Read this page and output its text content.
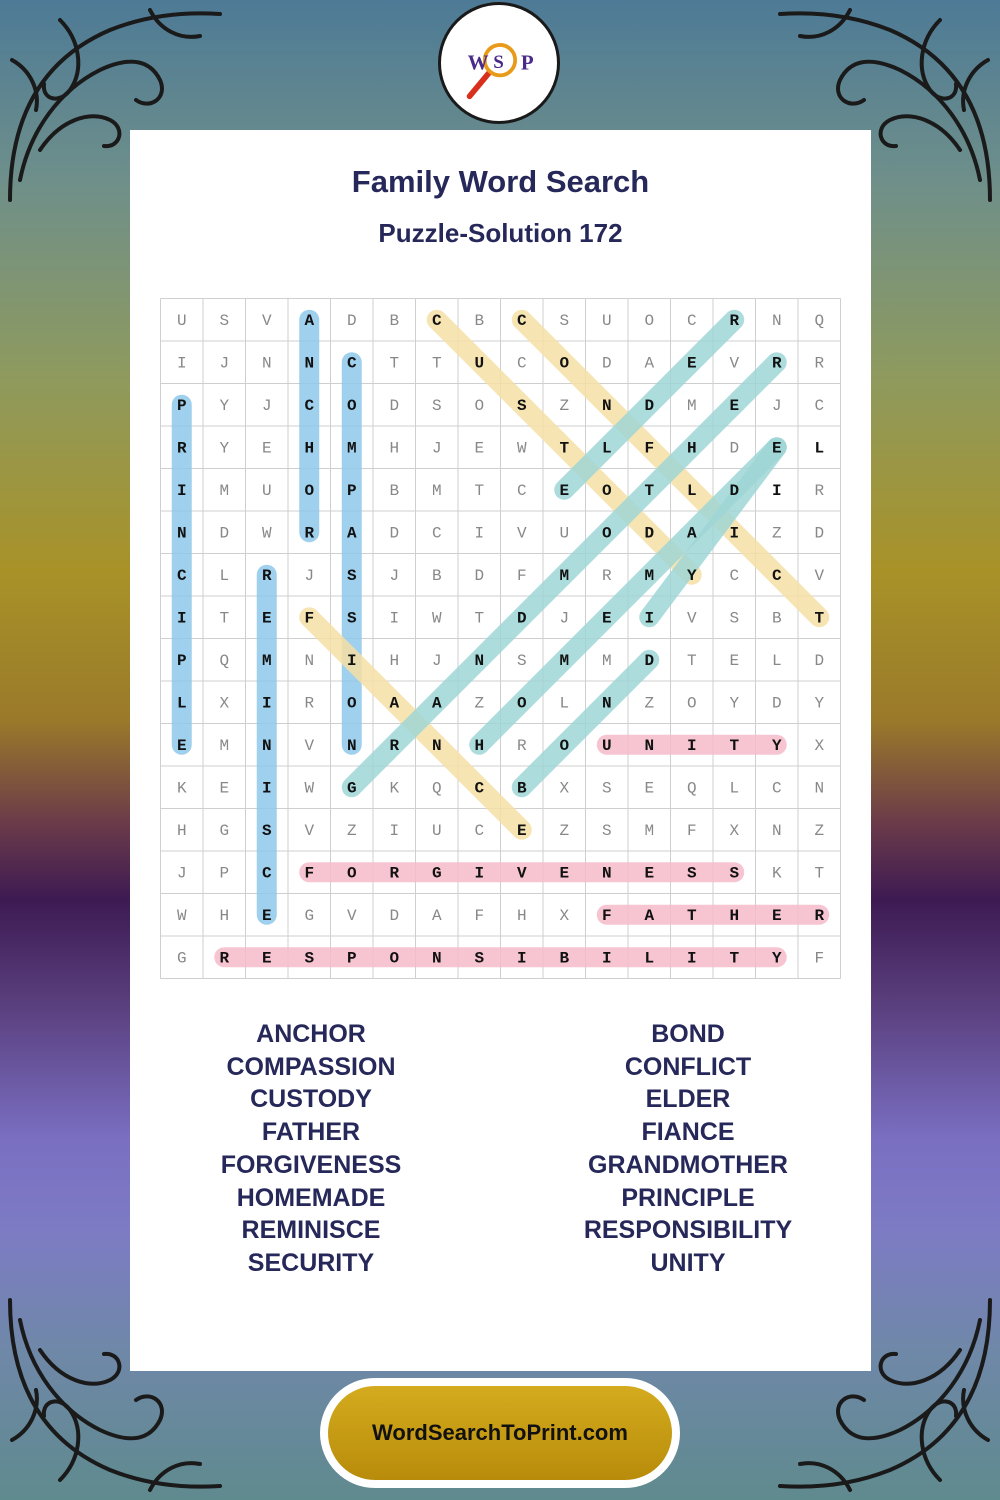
W S P
Family Word Search
Puzzle-Solution 172
U S V A D B C B C S U O C R N Q
I J N N C T T U C O D A E V R R
P Y J C O D S O S Z N D M E J C
R Y E H M H J E W T L F H D E L
I M U O P B M T C E O T L D I R
N D W R A D C I V U O D A I Z D
C L R J S J B D F M R M Y C C V
I T E F S I W T D J E I V S B T
P Q M N I H J N S M M D T E L D
L X I R O A A Z O L N Z O Y D Y
E M N V N R N H R O U N I T Y X
K E I W G K Q C B X S E Q L C N
H G S V Z I U C E Z S M F X N Z
J P C F O R G I V E N E S S K T
W H E G V D A F H X F A T H E R
G R E S P O N S I B I L I T Y F
ANCHOR
COMPASSION
CUSTODY
FATHER
FORGIVENESS
HOMEMADE
REMINISCE
SECURITY
BOND
CONFLICT
ELDER
FIANCE
GRANDMOTHER
PRINCIPLE
RESPONSIBILITY
UNITY
WordSearchToPrint.com
